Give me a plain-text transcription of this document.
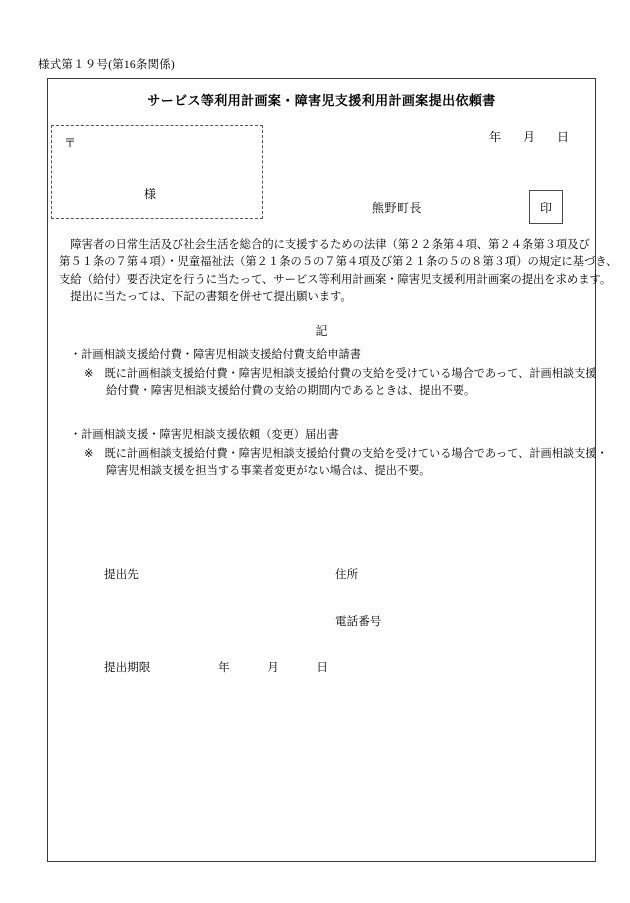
様式第１９号(第16条関係)
サービス等利用計画案・障害児支援利用計画案提出依頼書
〒
様
年　月　日
熊野町長	印
　障害者の日常生活及び社会生活を総合的に支援するための法律（第２２条第４項、第２４条第３項及び
第５１条の７第４項）・児童福祉法（第２１条の５の７第４項及び第２１条の５の８第３項）の規定に基づき、
支給（給付）要否決定を行うに当たって、サービス等利用計画案・障害児支援利用計画案の提出を求めます。
　提出に当たっては、下記の書類を併せて提出願います。
記
・計画相談支援給付費・障害児相談支援給付費支給申請書
※　既に計画相談支援給付費・障害児相談支援給付費の支給を受けている場合であって、計画相談支援
給付費・障害児相談支援給付費の支給の期間内であるときは、提出不要。
・計画相談支援・障害児相談支援依頼（変更）届出書
※　既に計画相談支援給付費・障害児相談支援給付費の支給を受けている場合であって、計画相談支援・
障害児相談支援を担当する事業者変更がない場合は、提出不要。
提出先	住所
電話番号
提出期限	年　月　日
